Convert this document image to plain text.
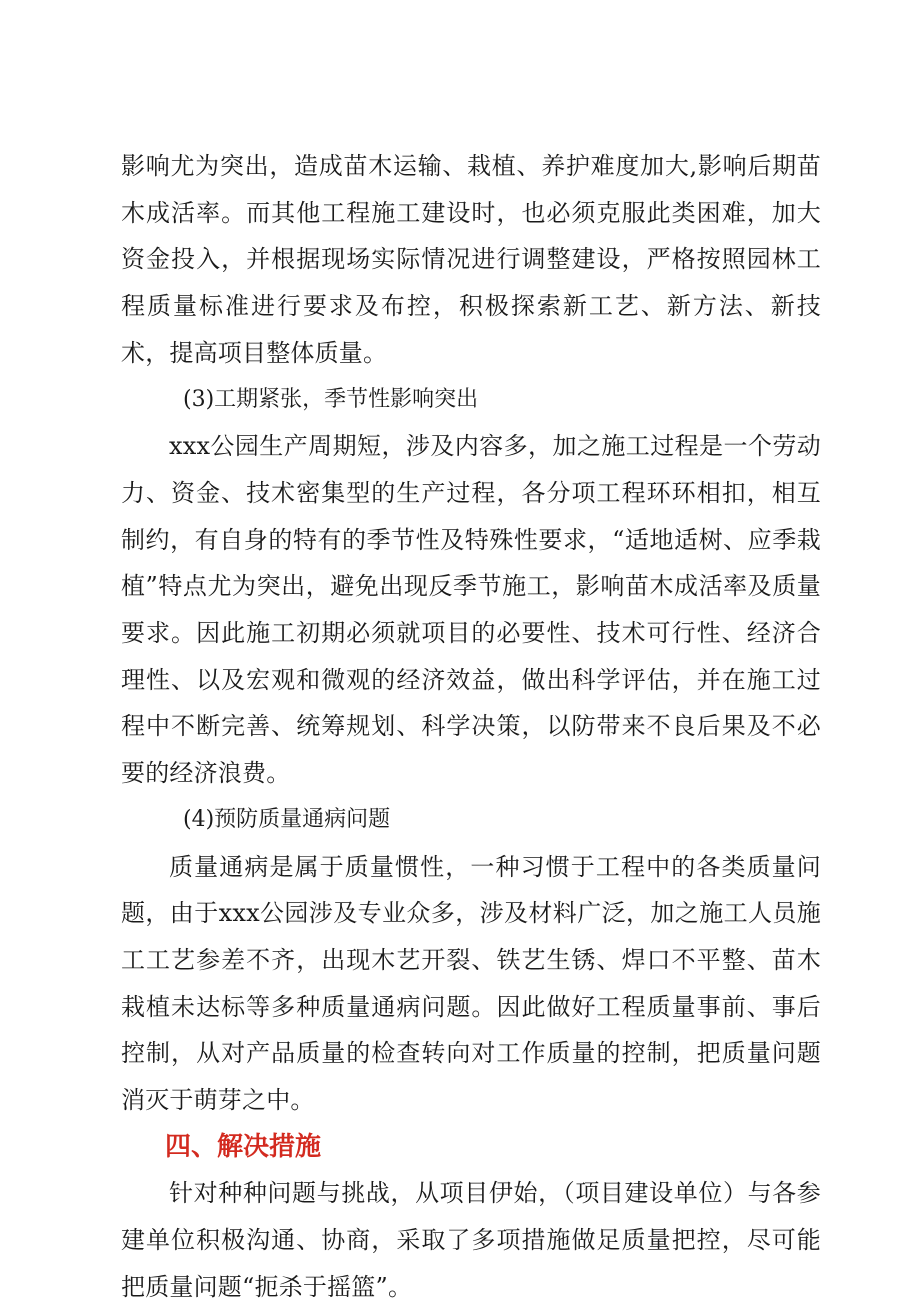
影响尤为突出，造成苗木运输、栽植、养护难度加大,影响后期苗木成活率。而其他工程施工建设时，也必须克服此类困难，加大资金投入，并根据现场实际情况进行调整建设，严格按照园林工程质量标准进行要求及布控，积极探索新工艺、新方法、新技术，提高项目整体质量。

(3)工期紧张，季节性影响突出

xxx公园生产周期短，涉及内容多，加之施工过程是一个劳动力、资金、技术密集型的生产过程，各分项工程环环相扣，相互制约，有自身的特有的季节性及特殊性要求，“适地适树、应季栽植”特点尤为突出，避免出现反季节施工，影响苗木成活率及质量要求。因此施工初期必须就项目的必要性、技术可行性、经济合理性、以及宏观和微观的经济效益，做出科学评估，并在施工过程中不断完善、统筹规划、科学决策，以防带来不良后果及不必要的经济浪费。

(4)预防质量通病问题

质量通病是属于质量惯性，一种习惯于工程中的各类质量问题，由于xxx公园涉及专业众多，涉及材料广泛，加之施工人员施工工艺参差不齐，出现木艺开裂、铁艺生锈、焊口不平整、苗木栽植未达标等多种质量通病问题。因此做好工程质量事前、事后控制，从对产品质量的检查转向对工作质量的控制，把质量问题消灭于萌芽之中。

四、解决措施

针对种种问题与挑战，从项目伊始，（项目建设单位）与各参建单位积极沟通、协商，采取了多项措施做足质量把控，尽可能把质量问题“扼杀于摇篮”。
